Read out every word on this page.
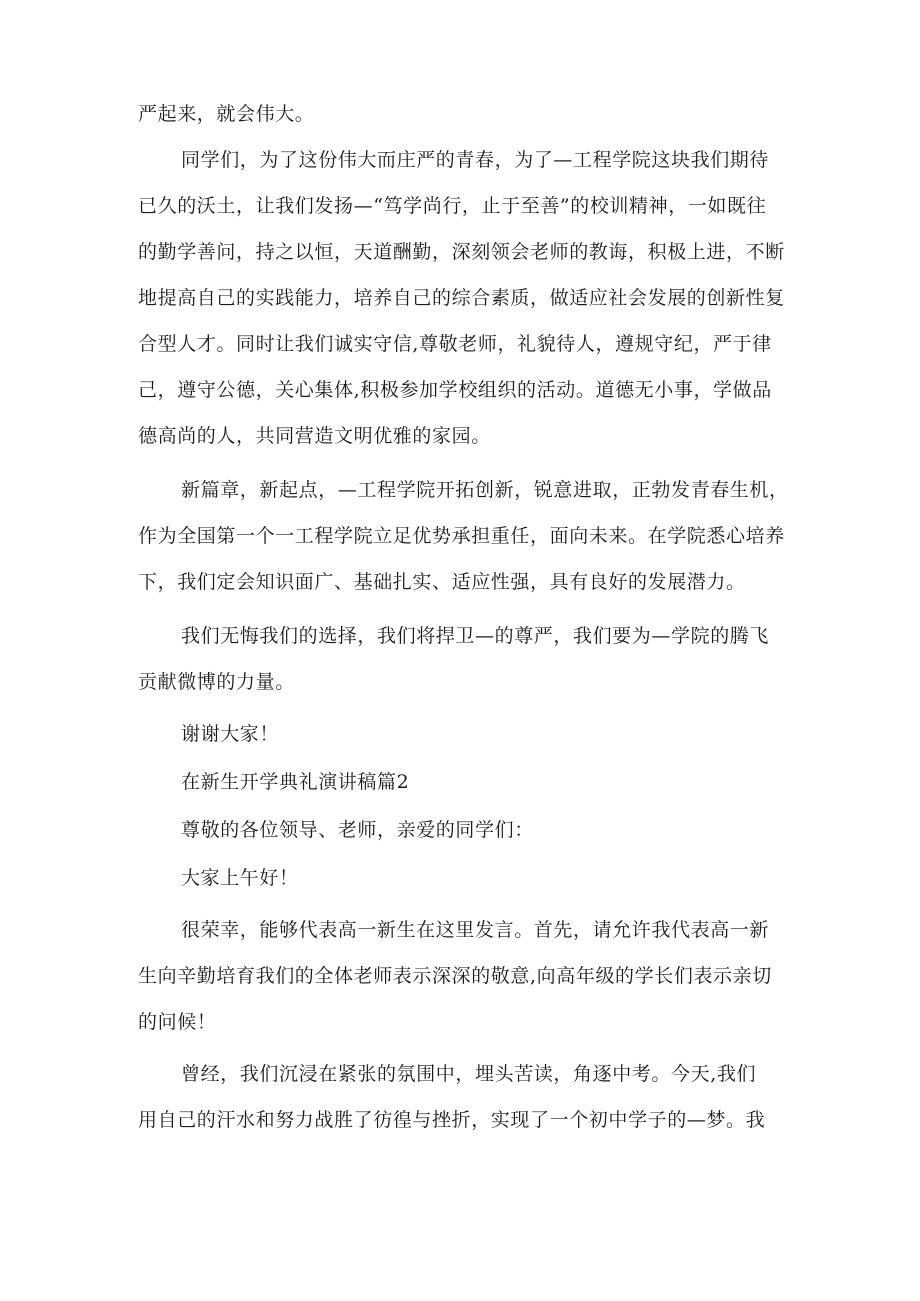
严起来，就会伟大。
同学们，为了这份伟大而庄严的青春，为了—工程学院这块我们期待
已久的沃土，让我们发扬—“笃学尚行，止于至善”的校训精神，一如既往
的勤学善问，持之以恒，天道酬勤，深刻领会老师的教诲，积极上进，不断
地提高自己的实践能力，培养自己的综合素质，做适应社会发展的创新性复
合型人才。同时让我们诚实守信,尊敬老师，礼貌待人，遵规守纪，严于律
己，遵守公德，关心集体,积极参加学校组织的活动。道德无小事，学做品
德高尚的人，共同营造文明优雅的家园。
新篇章，新起点，—工程学院开拓创新，锐意进取，正勃发青春生机，
作为全国第一个一工程学院立足优势承担重任，面向未来。在学院悉心培养
下，我们定会知识面广、基础扎实、适应性强，具有良好的发展潜力。
我们无悔我们的选择，我们将捍卫—的尊严，我们要为—学院的腾飞
贡献微博的力量。
谢谢大家！
在新生开学典礼演讲稿篇2
尊敬的各位领导、老师，亲爱的同学们：
大家上午好！
很荣幸，能够代表高一新生在这里发言。首先，请允许我代表高一新
生向辛勤培育我们的全体老师表示深深的敬意,向高年级的学长们表示亲切
的问候！
曾经，我们沉浸在紧张的氛围中，埋头苦读，角逐中考。今天,我们
用自己的汗水和努力战胜了彷徨与挫折，实现了一个初中学子的—梦。我
